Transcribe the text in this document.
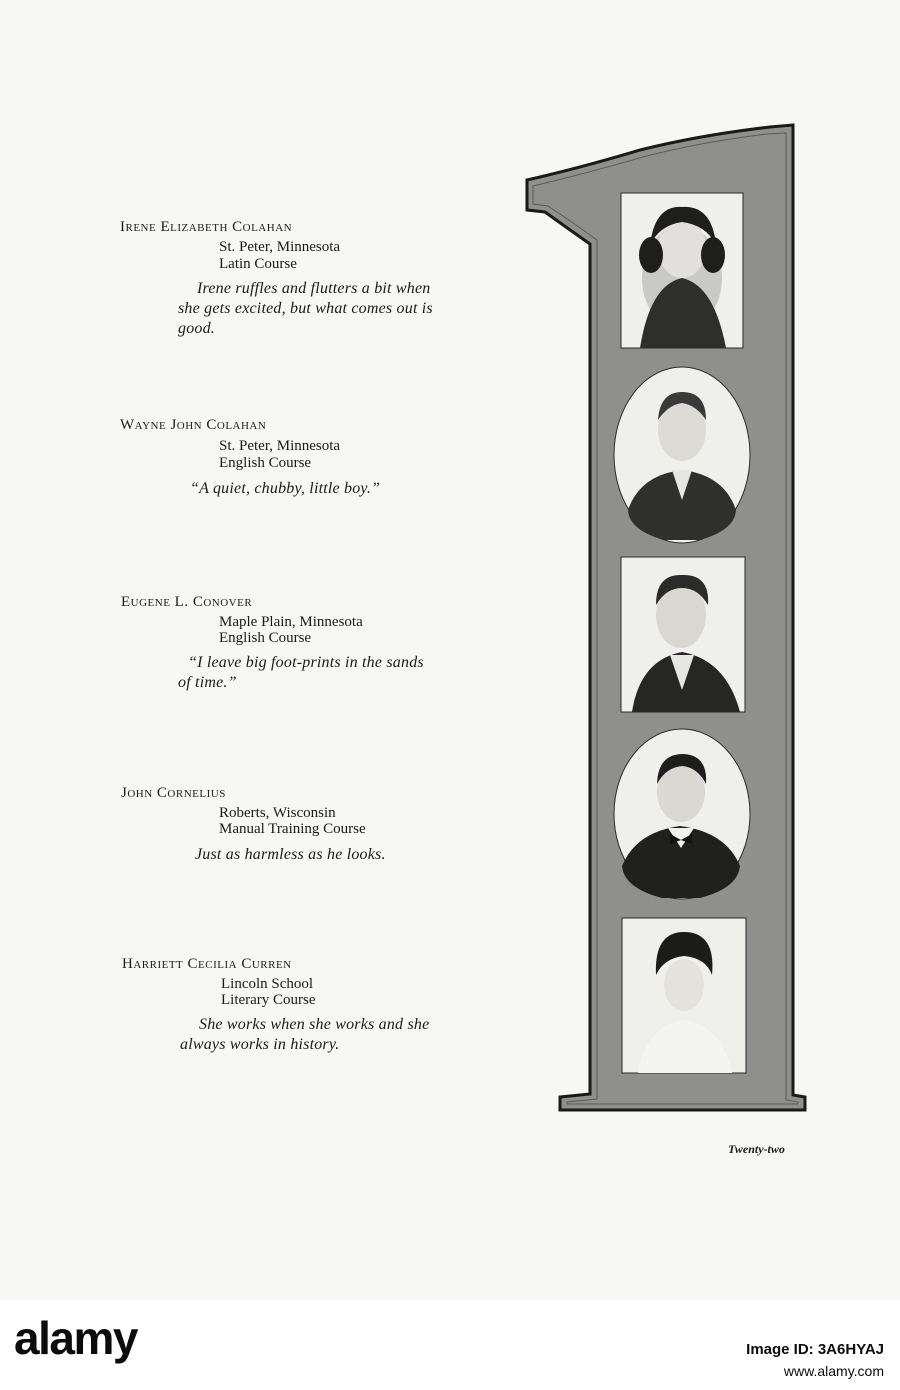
Irene Elizabeth Colahan
St. Peter, Minnesota
Latin Course
Irene ruffles and flutters a bit when
she gets excited, but what comes out is
good.
Wayne John Colahan
St. Peter, Minnesota
English Course
“A quiet, chubby, little boy.”
Eugene L. Conover
Maple Plain, Minnesota
English Course
“I leave big foot-prints in the sands
of time.”
John Cornelius
Roberts, Wisconsin
Manual Training Course
Just as harmless as he looks.
Harriett Cecilia Curren
Lincoln School
Literary Course
She works when she works and she
always works in history.
Twenty-two
alamy	Image ID: 3A6HYAJ
www.alamy.com
